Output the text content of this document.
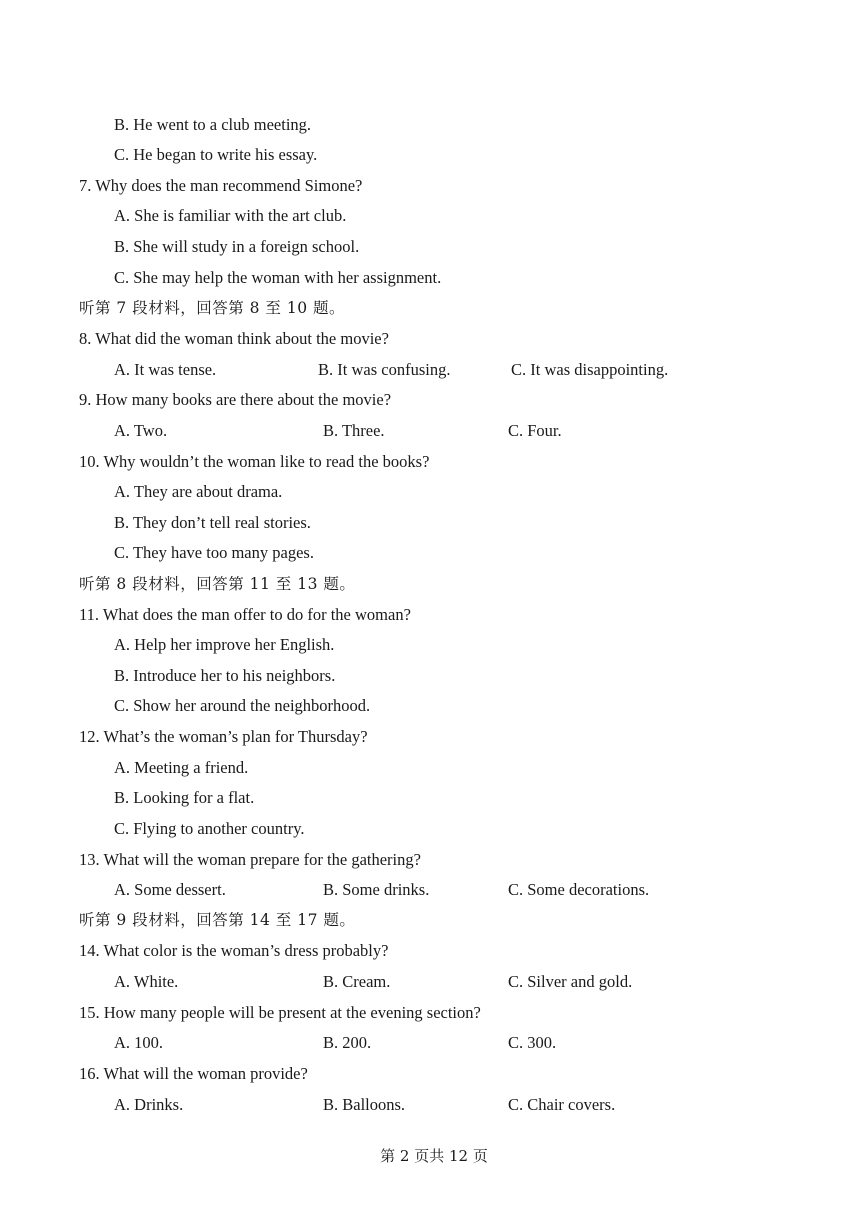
B. He went to a club meeting.
C. He began to write his essay.
7. Why does the man recommend Simone?
A. She is familiar with the art club.
B. She will study in a foreign school.
C. She may help the woman with her assignment.
听第 7 段材料，回答第 8 至 10 题。
8. What did the woman think about the movie?
A. It was tense.	B. It was confusing.	C. It was disappointing.
9. How many books are there about the movie?
A. Two.	B. Three.	C. Four.
10. Why wouldn’t the woman like to read the books?
A. They are about drama.
B. They don’t tell real stories.
C. They have too many pages.
听第 8 段材料，回答第 11 至 13 题。
11. What does the man offer to do for the woman?
A. Help her improve her English.
B. Introduce her to his neighbors.
C. Show her around the neighborhood.
12. What’s the woman’s plan for Thursday?
A. Meeting a friend.
B. Looking for a flat.
C. Flying to another country.
13. What will the woman prepare for the gathering?
A. Some dessert.	B. Some drinks.	C. Some decorations.
听第 9 段材料，回答第 14 至 17 题。
14. What color is the woman’s dress probably?
A. White.	B. Cream.	C. Silver and gold.
15. How many people will be present at the evening section?
A. 100.	B. 200.	C. 300.
16. What will the woman provide?
A. Drinks.	B. Balloons.	C. Chair covers.
第 2 页共 12 页
